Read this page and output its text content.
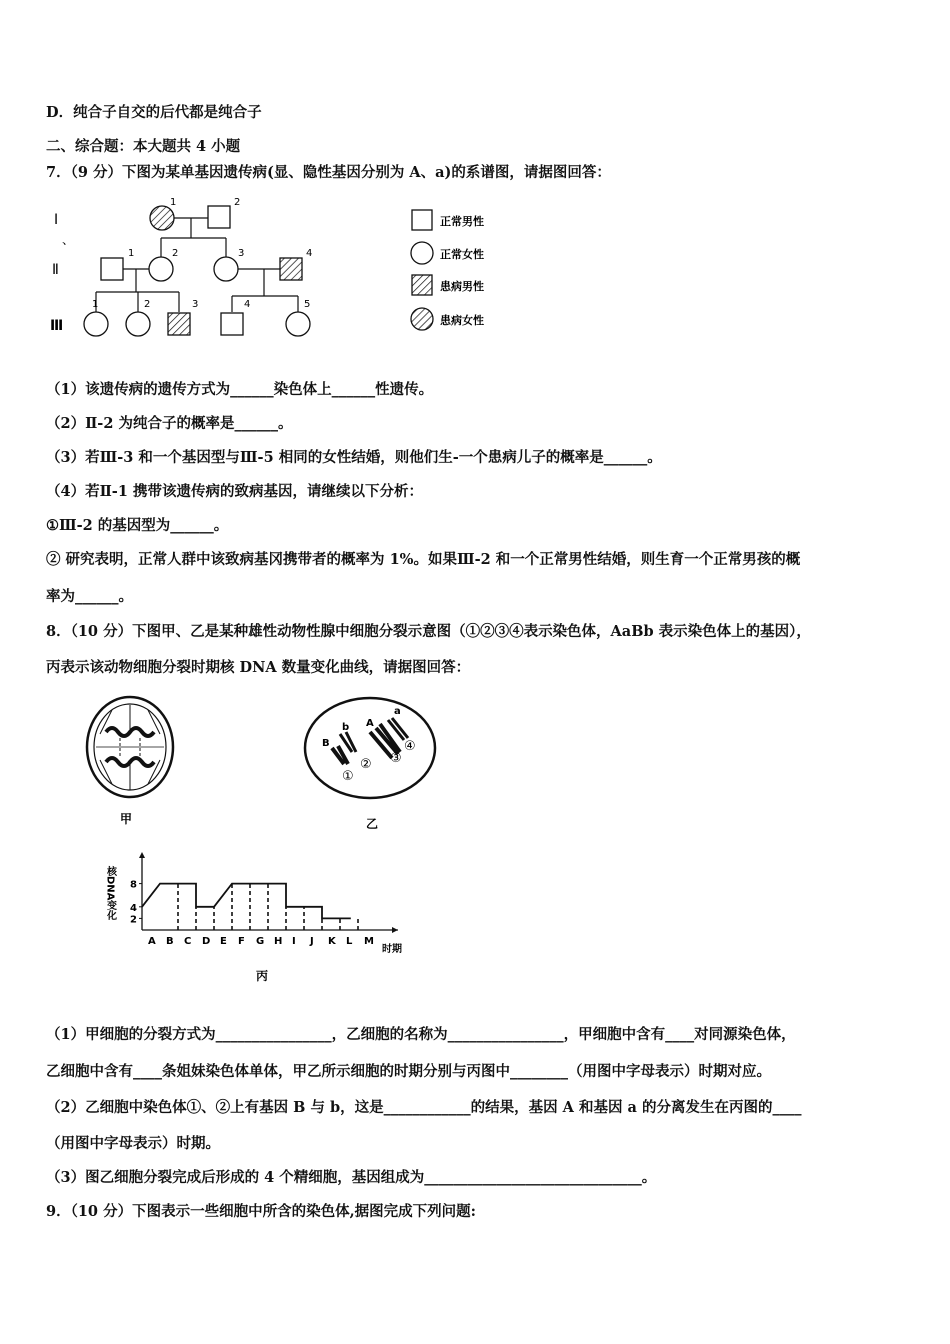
D．纯合子自交的后代都是纯合子
二、综合题：本大题共 4 小题
7．（9 分）下图为某单基因遗传病(显、隐性基因分别为 A、a)的系谱图，请据图回答：
Ⅰ
、
Ⅱ
Ⅲ
1	2
1	2	3	4
1	2	3	4	5
正常男性
正常女性
患病男性
患病女性
（1）该遗传病的遗传方式为______染色体上______性遗传。
（2）Ⅱ-2 为纯合子的概率是______。
（3）若Ⅲ-3 和一个基因型与Ⅲ-5 相同的女性结婚，则他们生-一个患病儿子的概率是______。
（4）若Ⅱ-1 携带该遗传病的致病基因，请继续以下分析：
①Ⅲ-2 的基因型为______。
② 研究表明，正常人群中该致病基冈携带者的概率为 1%。如果Ⅲ-2 和一个正常男性结婚，则生育一个正常男孩的概
率为______。
8．（10 分）下图甲、乙是某种雄性动物性腺中细胞分裂示意图（①②③④表示染色体，AaBb 表示染色体上的基因），
丙表示该动物细胞分裂时期核 DNA 数量变化曲线，请据图回答：
甲
B
b A
a
①
② ③
④
乙
2
4
8
A B C D E F G H I J K L M
核DNA变化
时期
丙
（1）甲细胞的分裂方式为________________，乙细胞的名称为________________，甲细胞中含有____对同源染色体，
乙细胞中含有____条姐妹染色体单体，甲乙所示细胞的时期分别与丙图中________（用图中字母表示）时期对应。
（2）乙细胞中染色体①、②上有基因 B 与 b，这是____________的结果，基因 A 和基因 a 的分离发生在丙图的____
（用图中字母表示）时期。
（3）图乙细胞分裂完成后形成的 4 个精细胞，基因组成为______________________________。
9．（10 分）下图表示一些细胞中所含的染色体,据图完成下列问题:
